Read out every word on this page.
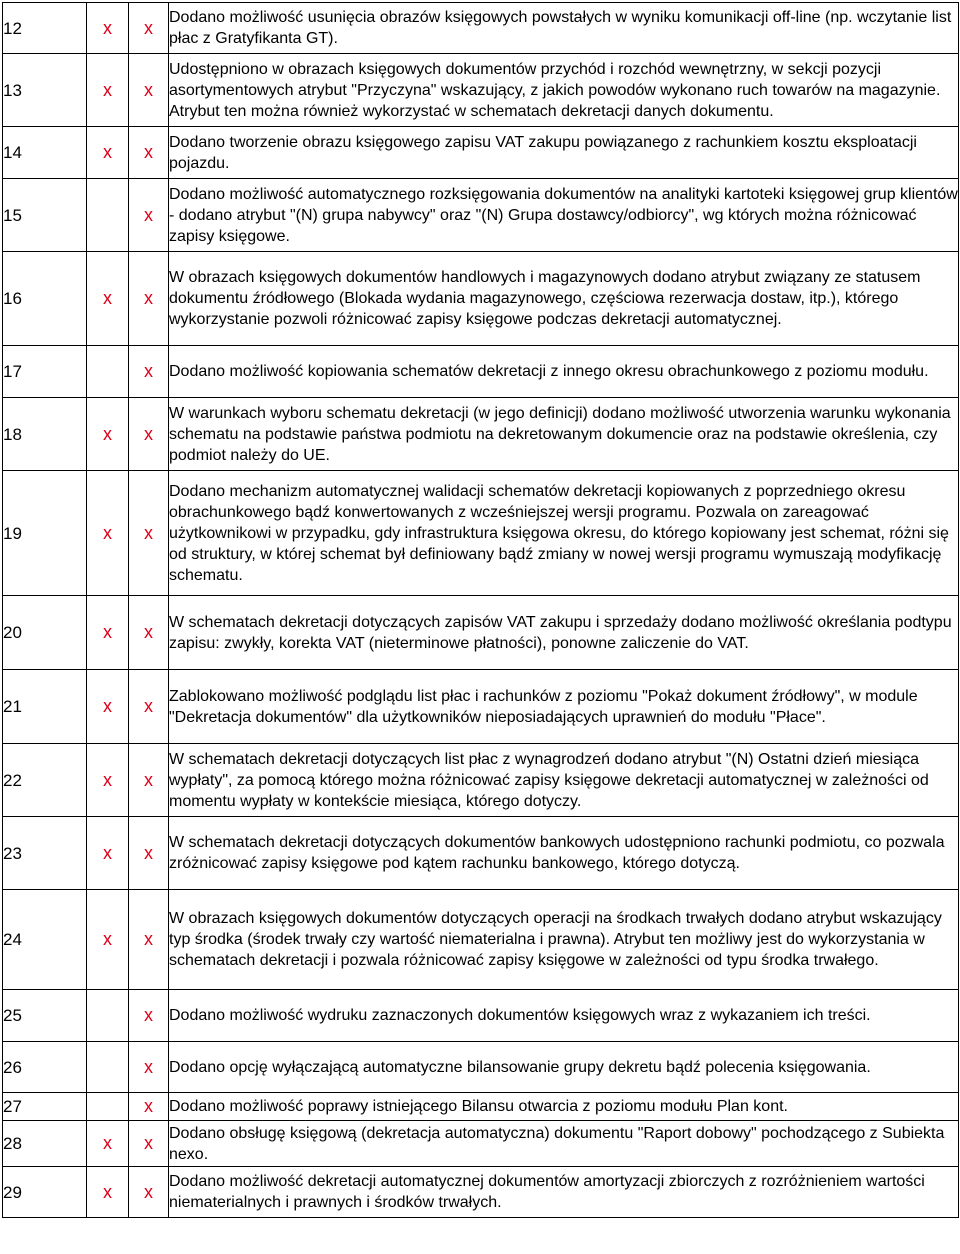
12	x	x	Dodano możliwość usunięcia obrazów księgowych powstałych w wyniku komunikacji off-line (np. wczytanie list płac z Gratyfikanta GT).
13	x	x	Udostępniono w obrazach księgowych dokumentów przychód i rozchód wewnętrzny, w sekcji pozycji asortymentowych atrybut "Przyczyna" wskazujący, z jakich powodów wykonano ruch towarów na magazynie. Atrybut ten można również wykorzystać w schematach dekretacji danych dokumentu.
14	x	x	Dodano tworzenie obrazu księgowego zapisu VAT zakupu powiązanego z rachunkiem kosztu eksploatacji pojazdu.
15		x	Dodano możliwość automatycznego rozksięgowania dokumentów na analityki kartoteki księgowej grup klientów - dodano atrybut "(N) grupa nabywcy" oraz "(N) Grupa dostawcy/odbiorcy", wg których można różnicować zapisy księgowe.
16	x	x	W obrazach księgowych dokumentów handlowych i magazynowych dodano atrybut związany ze statusem dokumentu źródłowego (Blokada wydania magazynowego, częściowa rezerwacja dostaw, itp.), którego wykorzystanie pozwoli różnicować zapisy księgowe podczas dekretacji automatycznej.
17		x	Dodano możliwość kopiowania schematów dekretacji z innego okresu obrachunkowego z poziomu modułu.
18	x	x	W warunkach wyboru schematu dekretacji (w jego definicji) dodano możliwość utworzenia warunku wykonania schematu na podstawie państwa podmiotu na dekretowanym dokumencie oraz na podstawie określenia, czy podmiot należy do UE.
19	x	x	Dodano mechanizm automatycznej walidacji schematów dekretacji kopiowanych z poprzedniego okresu obrachunkowego bądź konwertowanych z wcześniejszej wersji programu. Pozwala on zareagować użytkownikowi w przypadku, gdy infrastruktura księgowa okresu, do którego kopiowany jest schemat, różni się od struktury, w której schemat był definiowany bądź zmiany w nowej wersji programu wymuszają modyfikację schematu.
20	x	x	W schematach dekretacji dotyczących zapisów VAT zakupu i sprzedaży dodano możliwość określania podtypu zapisu: zwykły, korekta VAT (nieterminowe płatności), ponowne zaliczenie do VAT.
21	x	x	Zablokowano możliwość podglądu list płac i rachunków z poziomu "Pokaż dokument źródłowy", w module "Dekretacja dokumentów" dla użytkowników nieposiadających uprawnień do modułu "Płace".
22	x	x	W schematach dekretacji dotyczących list płac z wynagrodzeń dodano atrybut "(N) Ostatni dzień miesiąca wypłaty", za pomocą którego można różnicować zapisy księgowe dekretacji automatycznej w zależności od momentu wypłaty w kontekście miesiąca, którego dotyczy.
23	x	x	W schematach dekretacji dotyczących dokumentów bankowych udostępniono rachunki podmiotu, co pozwala zróżnicować zapisy księgowe pod kątem rachunku bankowego, którego dotyczą.
24	x	x	W obrazach księgowych dokumentów dotyczących operacji na środkach trwałych dodano atrybut wskazujący typ środka (środek trwały czy wartość niematerialna i prawna). Atrybut ten możliwy jest do wykorzystania w schematach dekretacji i pozwala różnicować zapisy księgowe w zależności od typu środka trwałego.
25		x	Dodano możliwość wydruku zaznaczonych dokumentów księgowych wraz z wykazaniem ich treści.
26		x	Dodano opcję wyłączającą automatyczne bilansowanie grupy dekretu bądź polecenia księgowania.
27		x	Dodano możliwość poprawy istniejącego Bilansu otwarcia z poziomu modułu Plan kont.
28	x	x	Dodano obsługę księgową (dekretacja automatyczna) dokumentu "Raport dobowy" pochodzącego z Subiekta nexo.
29	x	x	Dodano możliwość dekretacji automatycznej dokumentów amortyzacji zbiorczych z rozróżnieniem wartości niematerialnych i prawnych i środków trwałych.
